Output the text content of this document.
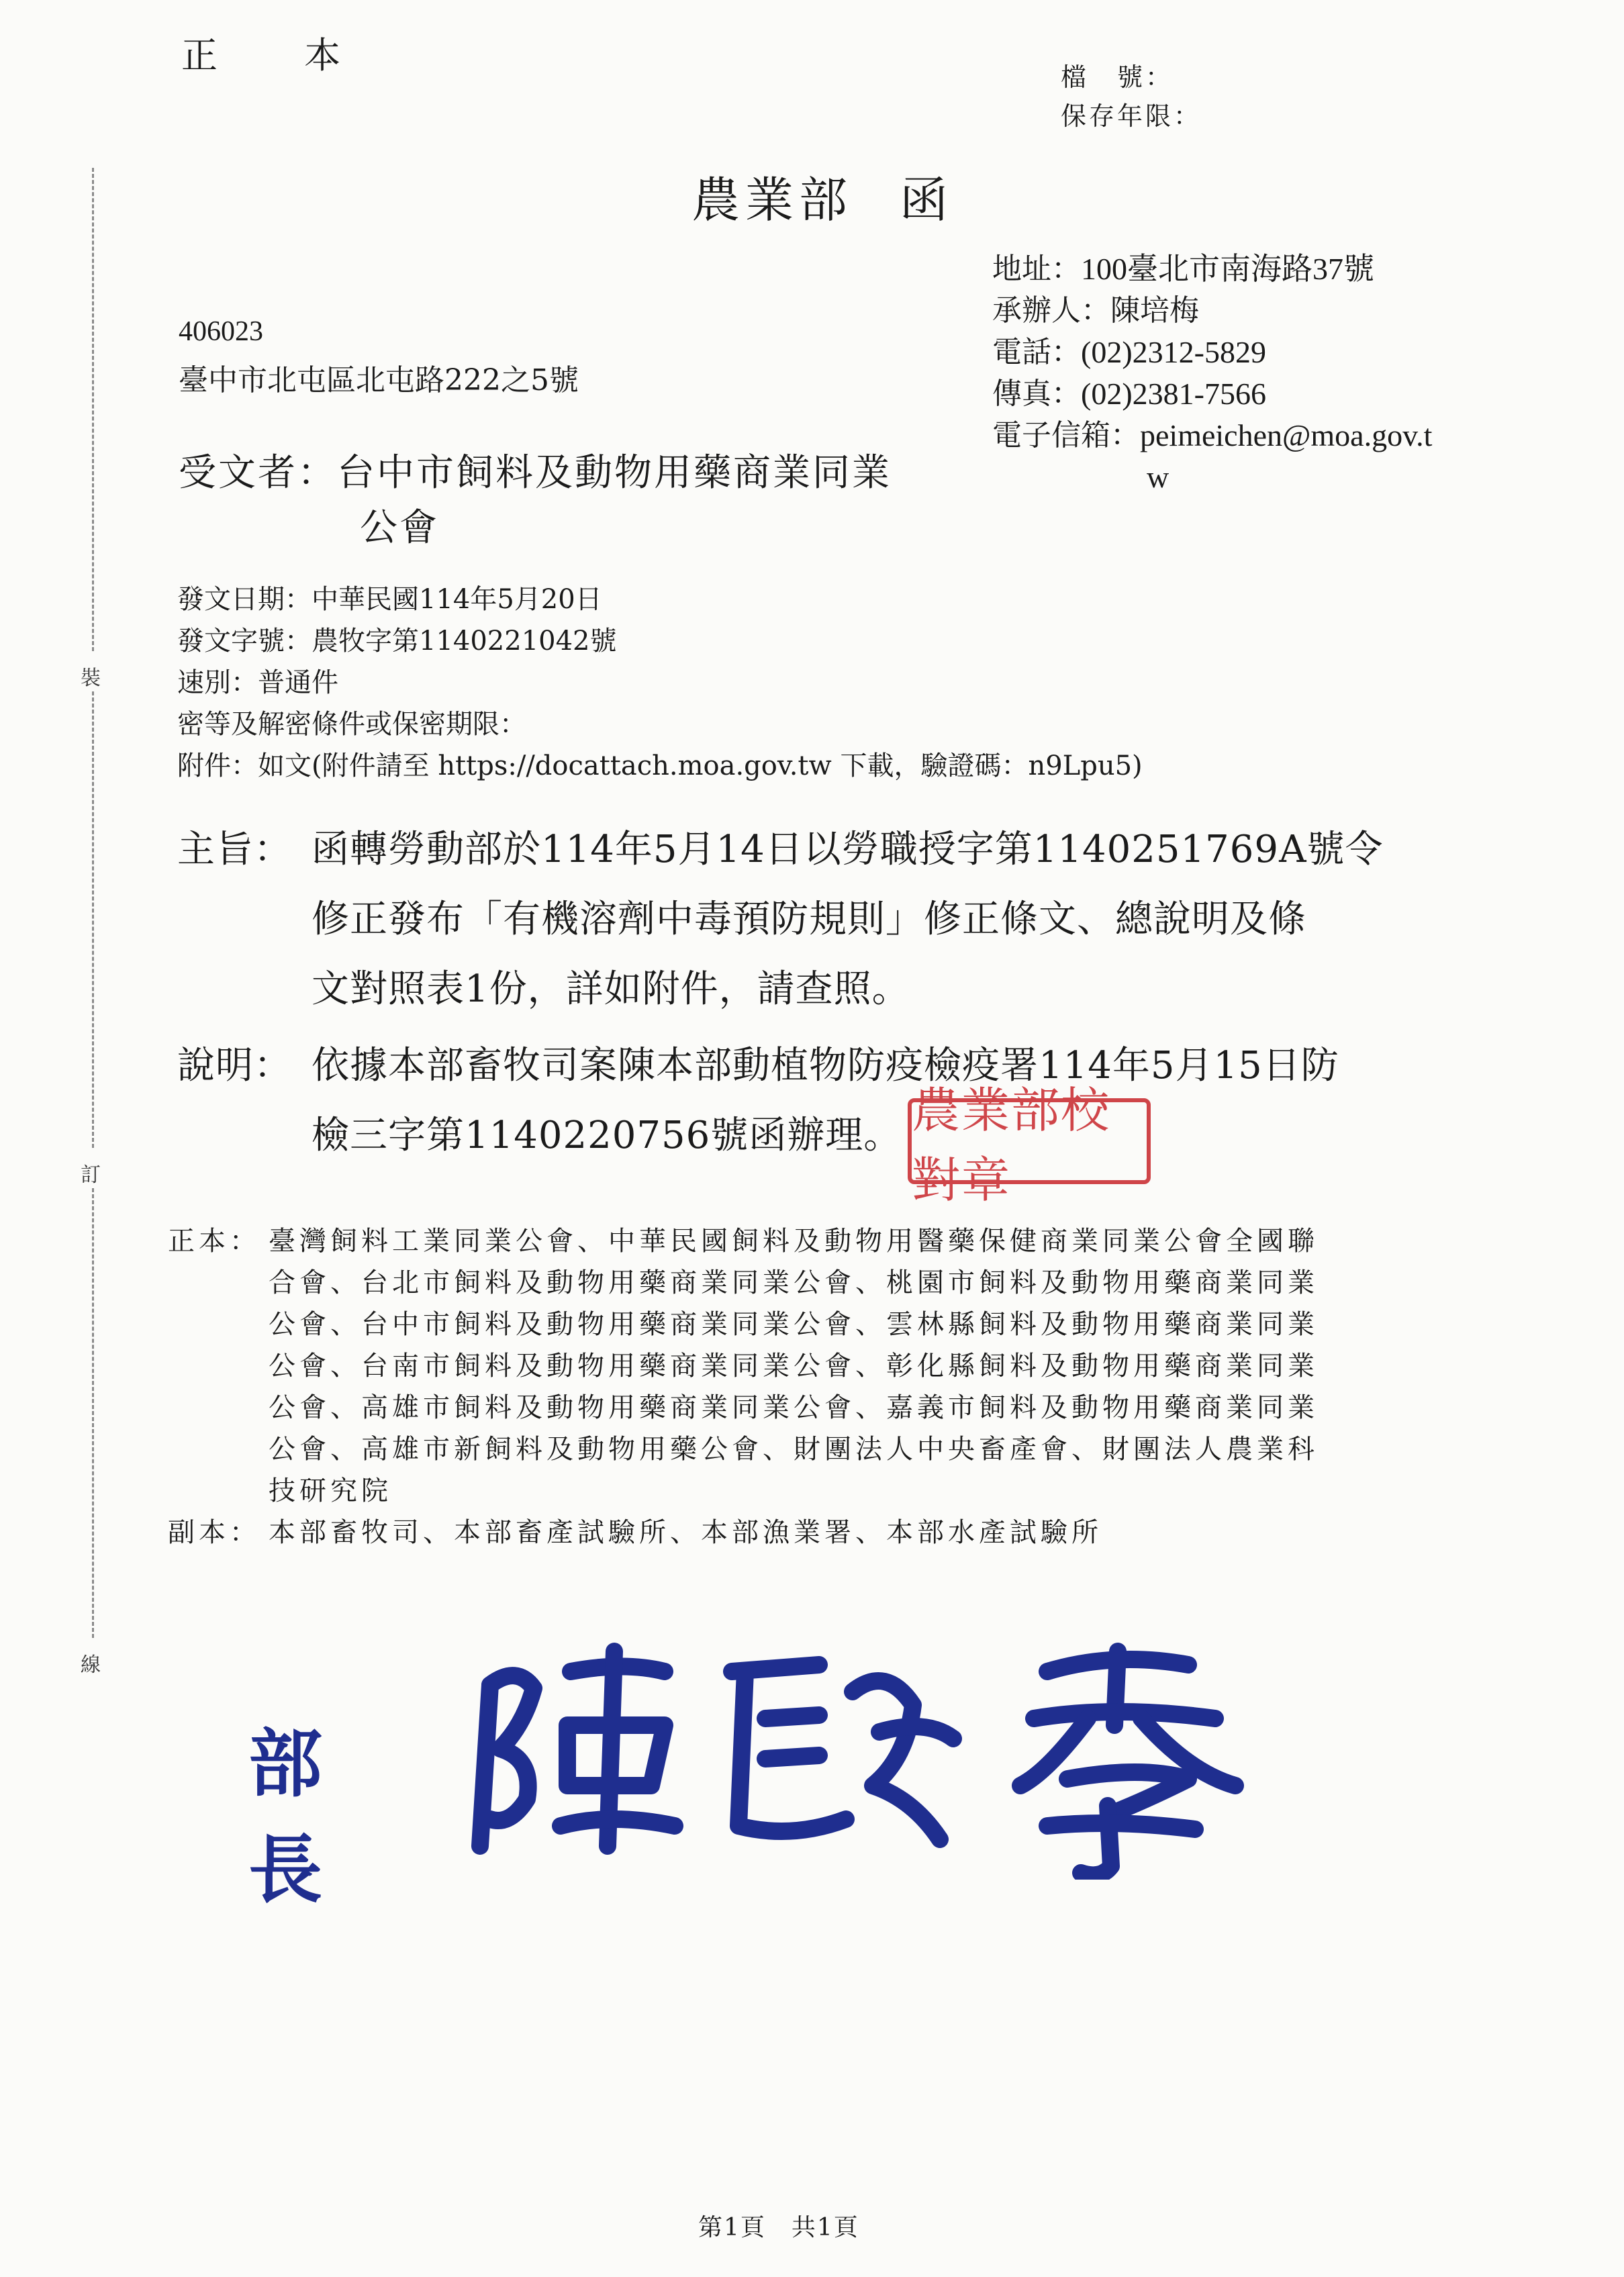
裝
訂
線
正 本
檔　號：
保存年限：
農業部 函
地址： 100臺北市南海路37號
承辦人： 陳培梅
電話： (02)2312-5829
傳真： (02)2381-7566
電子信箱： peimeichen@moa.gov.t
w
406023
臺中市北屯區北屯路222之5號
受文者：台中市飼料及動物用藥商業同業
公會
發文日期：中華民國114年5月20日
發文字號：農牧字第1140221042號
速別：普通件
密等及解密條件或保密期限：
附件：如文(附件請至 https://docattach.moa.gov.tw 下載，驗證碼：n9Lpu5)
主旨： 函轉勞動部於114年5月14日以勞職授字第1140251769A號令
修正發布「有機溶劑中毒預防規則」修正條文、總說明及條
文對照表1份，詳如附件，請查照。
說明： 依據本部畜牧司案陳本部動植物防疫檢疫署114年5月15日防
檢三字第1140220756號函辦理。 農業部校對章
正本： 臺灣飼料工業同業公會、中華民國飼料及動物用醫藥保健商業同業公會全國聯
合會、台北市飼料及動物用藥商業同業公會、桃園市飼料及動物用藥商業同業
公會、台中市飼料及動物用藥商業同業公會、雲林縣飼料及動物用藥商業同業
公會、台南市飼料及動物用藥商業同業公會、彰化縣飼料及動物用藥商業同業
公會、高雄市飼料及動物用藥商業同業公會、嘉義市飼料及動物用藥商業同業
公會、高雄市新飼料及動物用藥公會、財團法人中央畜產會、財團法人農業科
技研究院
副本： 本部畜牧司、本部畜產試驗所、本部漁業署、本部水產試驗所
部長
第1頁　共1頁
